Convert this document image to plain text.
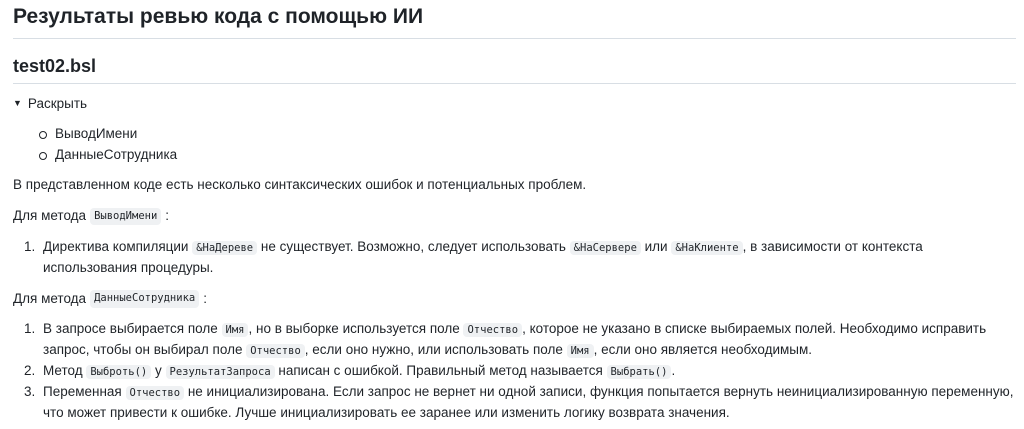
Результаты ревью кода с помощью ИИ
test02.bsl
▼ Раскрыть
ВыводИмени
ДанныеСотрудника

В представленном коде есть несколько синтаксических ошибок и потенциальных проблем.

Для метода ВыводИмени :

1. Директива компиляции &НаДереве не существует. Возможно, следует использовать &НаСервере или &НаКлиенте , в зависимости от контекста использования процедуры.

Для метода ДанныеСотрудника :

1. В запросе выбирается поле Имя , но в выборке используется поле Отчество , которое не указано в списке выбираемых полей. Необходимо исправить запрос, чтобы он выбирал поле Отчество , если оно нужно, или использовать поле Имя , если оно является необходимым.
2. Метод Выброть() у РезультатЗапроса написан с ошибкой. Правильный метод называется Выбрать() .
3. Переменная Отчество не инициализирована. Если запрос не вернет ни одной записи, функция попытается вернуть неинициализированную переменную, что может привести к ошибке. Лучше инициализировать ее заранее или изменить логику возврата значения.
